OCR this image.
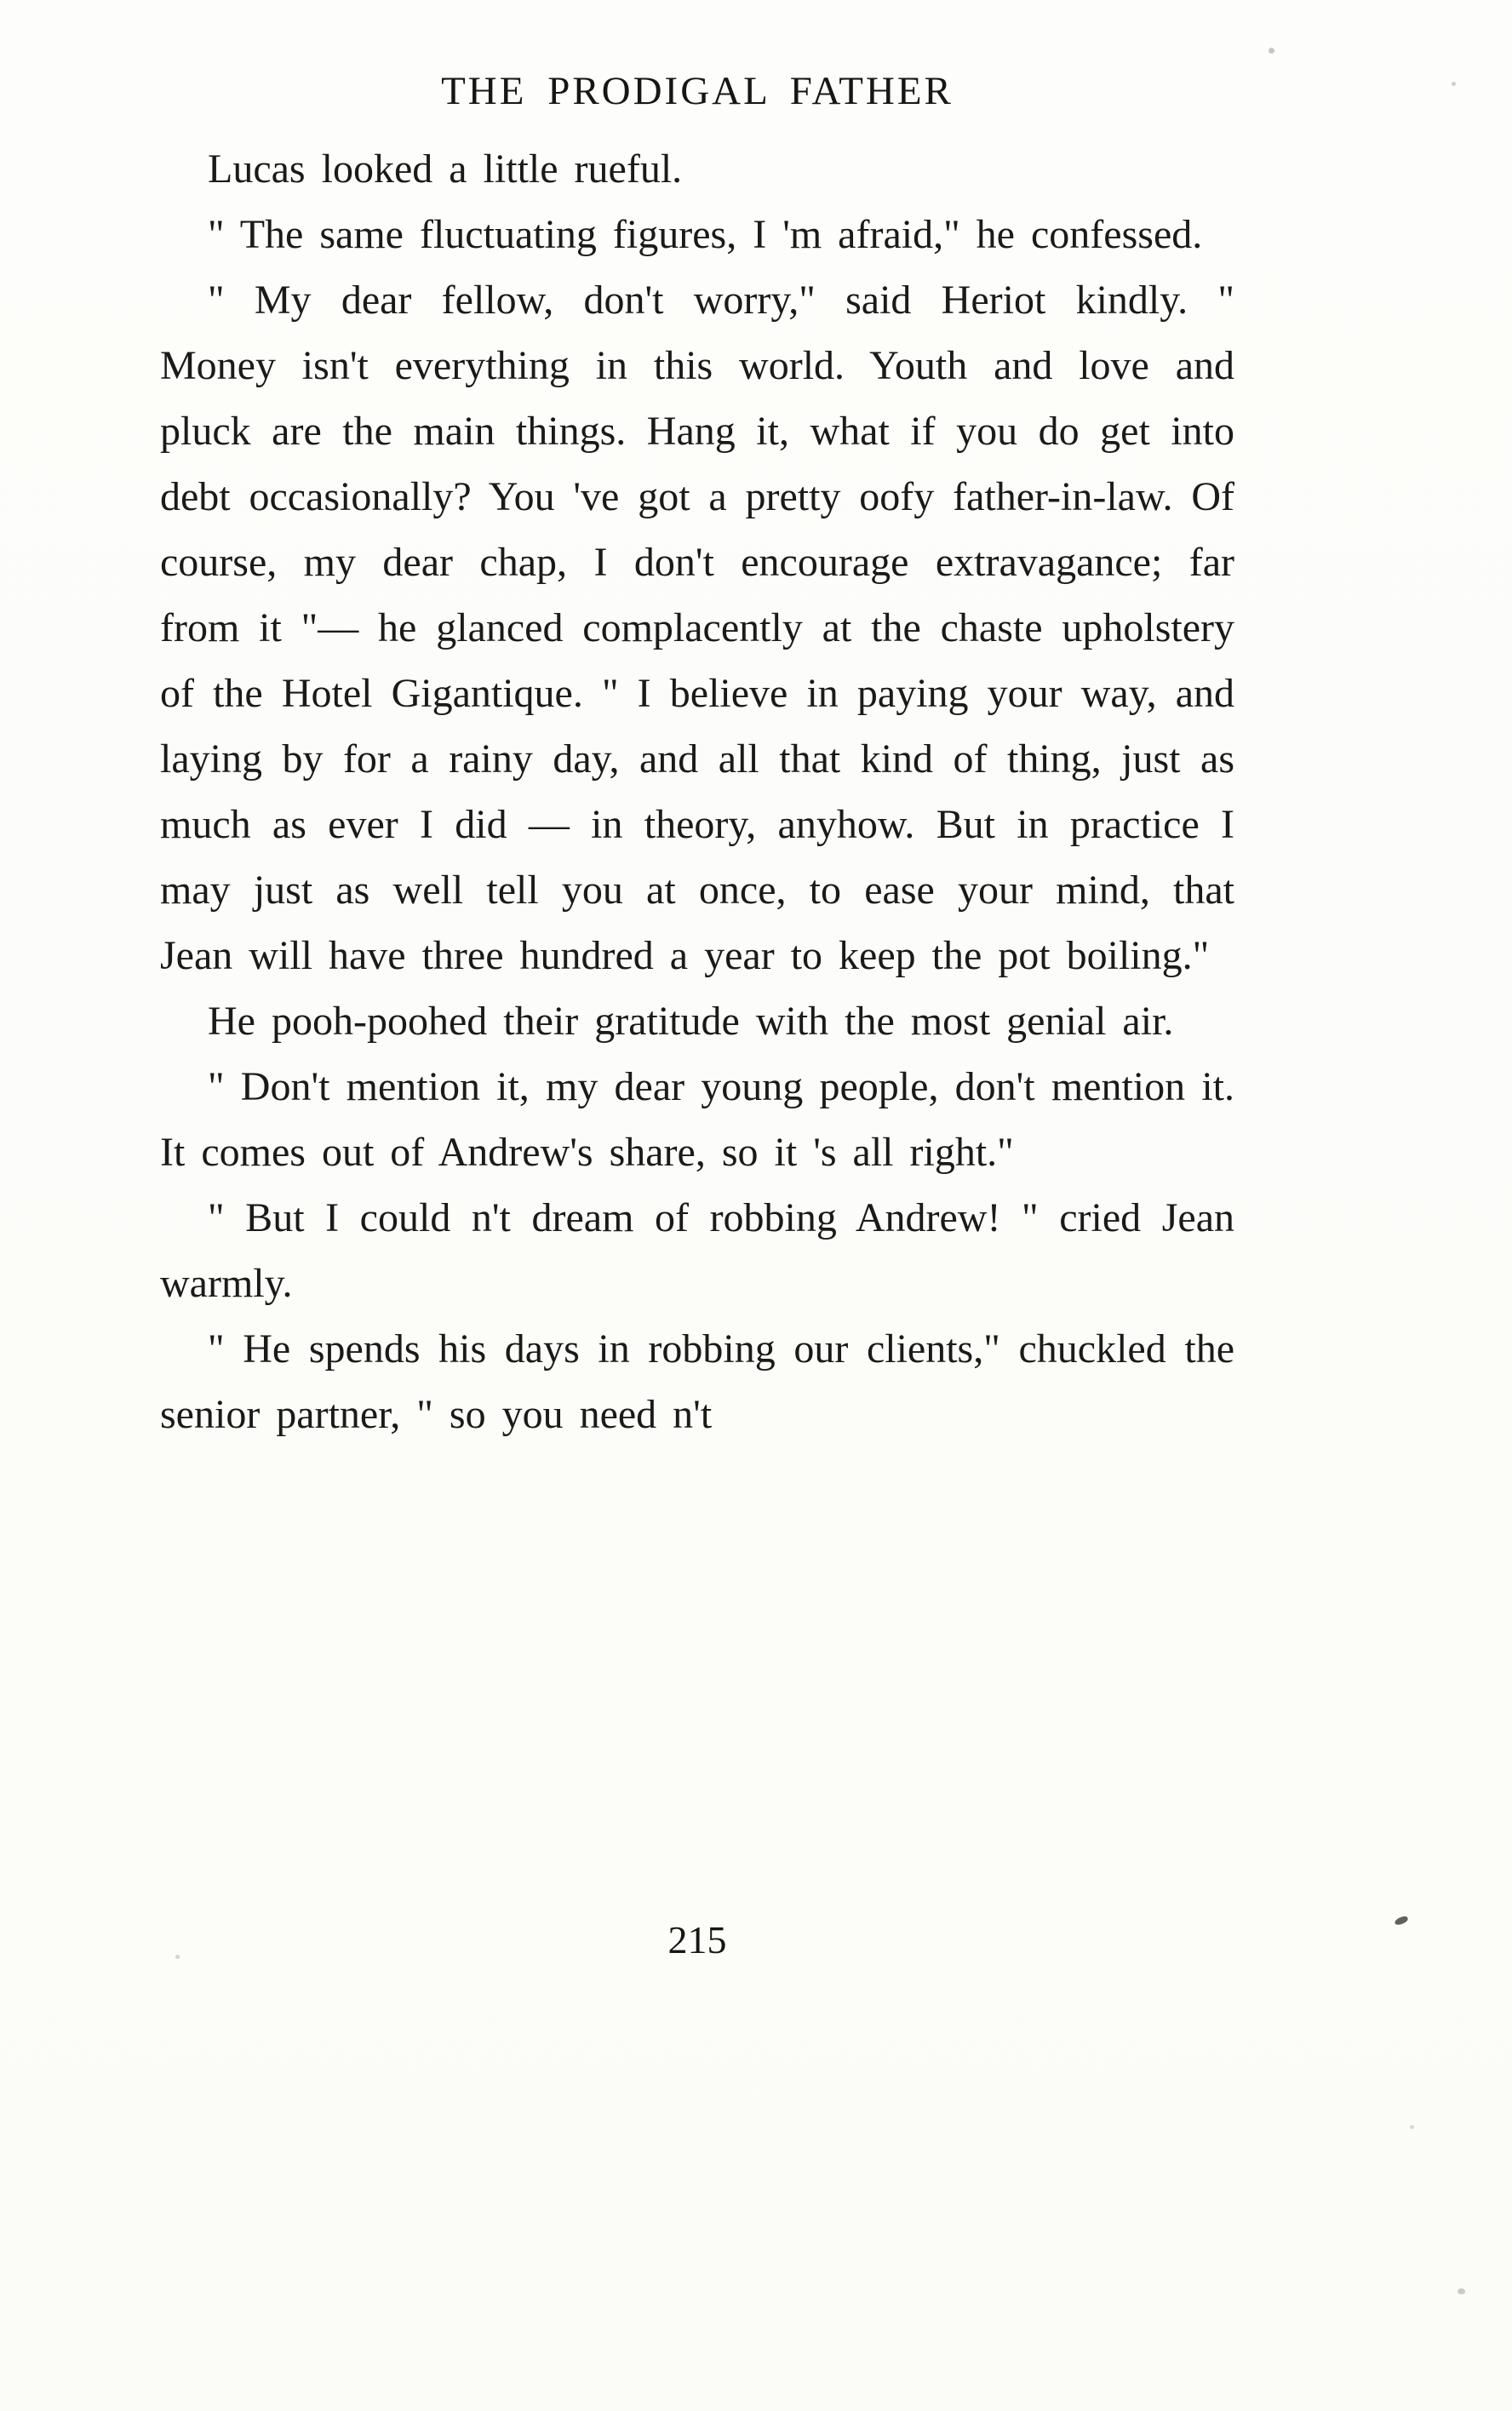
THE PRODIGAL FATHER

Lucas looked a little rueful.

" The same fluctuating figures, I 'm afraid," he confessed.

" My dear fellow, don't worry," said Heriot kindly. " Money isn't everything in this world. Youth and love and pluck are the main things. Hang it, what if you do get into debt occasionally? You 've got a pretty oofy father-in-law. Of course, my dear chap, I don't encourage extravagance; far from it "— he glanced complacently at the chaste upholstery of the Hotel Gigantique. " I believe in paying your way, and laying by for a rainy day, and all that kind of thing, just as much as ever I did — in theory, anyhow. But in practice I may just as well tell you at once, to ease your mind, that Jean will have three hundred a year to keep the pot boiling."

He pooh-poohed their gratitude with the most genial air.

" Don't mention it, my dear young people, don't mention it. It comes out of Andrew's share, so it 's all right."

" But I could n't dream of robbing Andrew! " cried Jean warmly.

" He spends his days in robbing our clients," chuckled the senior partner, " so you need n't

215
